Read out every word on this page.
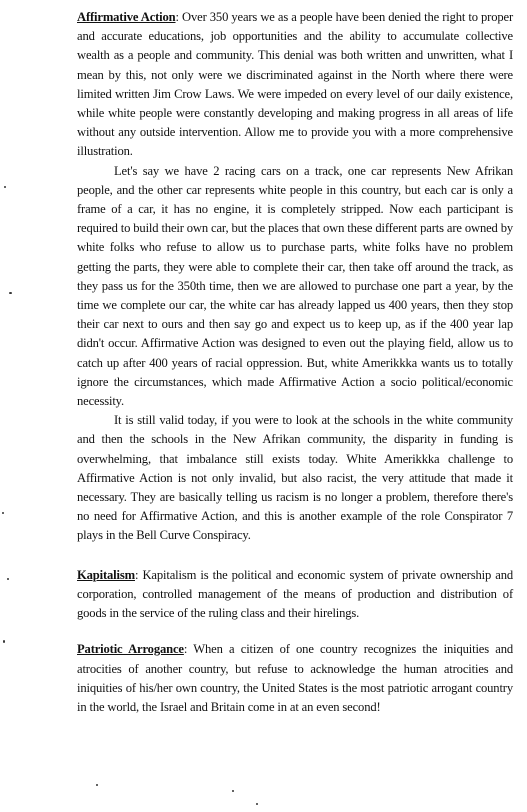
Affirmative Action: Over 350 years we as a people have been denied the right to proper and accurate educations, job opportunities and the ability to accumulate collective wealth as a people and community. This denial was both written and unwritten, what I mean by this, not only were we discriminated against in the North where there were limited written Jim Crow Laws. We were impeded on every level of our daily existence, while white people were constantly developing and making progress in all areas of life without any outside intervention. Allow me to provide you with a more comprehensive illustration.

Let's say we have 2 racing cars on a track, one car represents New Afrikan people, and the other car represents white people in this country, but each car is only a frame of a car, it has no engine, it is completely stripped. Now each participant is required to build their own car, but the places that own these different parts are owned by white folks who refuse to allow us to purchase parts, white folks have no problem getting the parts, they were able to complete their car, then take off around the track, as they pass us for the 350th time, then we are allowed to purchase one part a year, by the time we complete our car, the white car has already lapped us 400 years, then they stop their car next to ours and then say go and expect us to keep up, as if the 400 year lap didn't occur. Affirmative Action was designed to even out the playing field, allow us to catch up after 400 years of racial oppression. But, white Amerikkka wants us to totally ignore the circumstances, which made Affirmative Action a socio political/economic necessity.

It is still valid today, if you were to look at the schools in the white community and then the schools in the New Afrikan community, the disparity in funding is overwhelming, that imbalance still exists today. White Amerikkka challenge to Affirmative Action is not only invalid, but also racist, the very attitude that made it necessary. They are basically telling us racism is no longer a problem, therefore there's no need for Affirmative Action, and this is another example of the role Conspirator 7 plays in the Bell Curve Conspiracy.

Kapitalism: Kapitalism is the political and economic system of private ownership and corporation, controlled management of the means of production and distribution of goods in the service of the ruling class and their hirelings.

Patriotic Arrogance: When a citizen of one country recognizes the iniquities and atrocities of another country, but refuse to acknowledge the human atrocities and iniquities of his/her own country, the United States is the most patriotic arrogant country in the world, the Israel and Britain come in at an even second!
